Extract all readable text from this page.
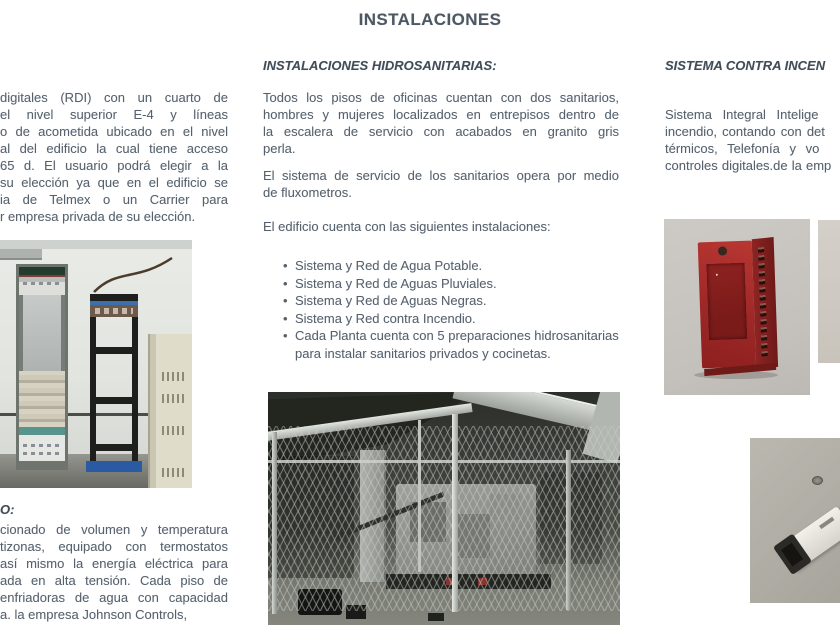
INSTALACIONES
digitales (RDI) con un cuarto de
el nivel superior E-4 y líneas
o de acometida ubicado en el nivel
al del edificio la cual tiene acceso
65 d. El usuario podrá elegir a la
su elección ya que en el edificio se
ia de Telmex o un Carrier para
r empresa privada de su elección.
O:
cionado de volumen y temperatura
tizonas, equipado con termostatos
así mismo la energía eléctrica para
ada en alta tensión. Cada piso de
enfriadoras de agua con capacidad
a. la empresa Johnson Controls,
INSTALACIONES HIDROSANITARIAS:
Todos los pisos de oficinas cuentan con dos sanitarios,
hombres y mujeres localizados en entrepisos dentro de
la escalera de servicio con acabados en granito gris
perla.
El sistema de servicio de los sanitarios opera por medio
de fluxometros.
El edificio cuenta con las siguientes instalaciones:
• Sistema y Red de Agua Potable.
• Sistema y Red de Aguas Pluviales.
• Sistema y Red de Aguas Negras.
• Sistema y Red contra Incendio.
• Cada Planta cuenta con 5 preparaciones hidrosanitarias para instalar sanitarios privados y cocinetas.
SISTEMA CONTRA INCEN
Sistema Integral Intelige
incendio, contando con det
térmicos, Telefonía y vo
controles digitales.de la emp
